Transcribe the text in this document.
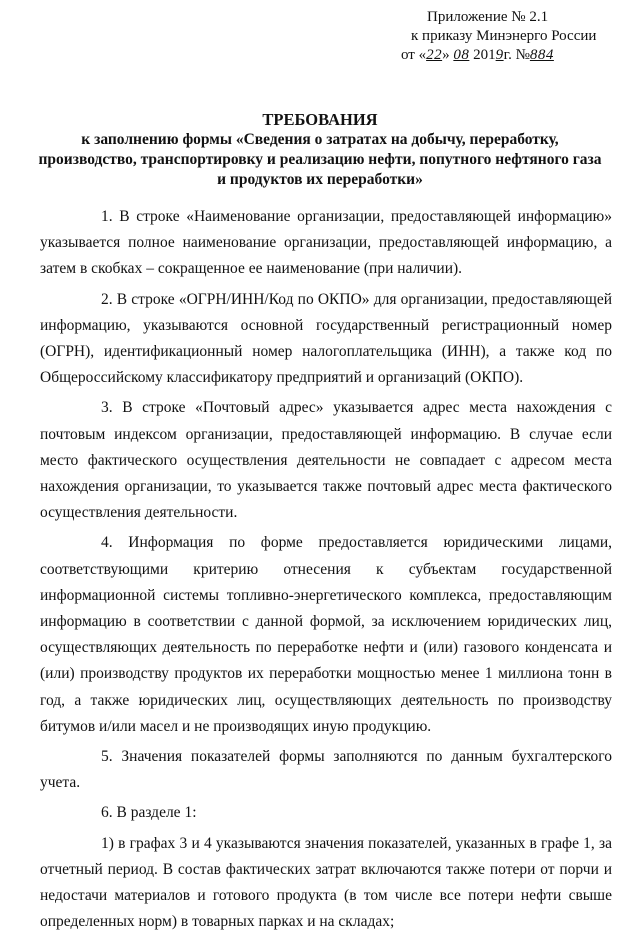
Приложение № 2.1
к приказу Минэнерго России
от «22» 08 2019г. №884
ТРЕБОВАНИЯ
к заполнению формы «Сведения о затратах на добычу, переработку,
производство, транспортировку и реализацию нефти, попутного нефтяного газа
и продуктов их переработки»

1. В строке «Наименование организации, предоставляющей информацию» указывается полное наименование организации, предоставляющей информацию, а затем в скобках – сокращенное ее наименование (при наличии).

2. В строке «ОГРН/ИНН/Код по ОКПО» для организации, предоставляющей информацию, указываются основной государственный регистрационный номер (ОГРН), идентификационный номер налогоплательщика (ИНН), а также код по Общероссийскому классификатору предприятий и организаций (ОКПО).

3. В строке «Почтовый адрес» указывается адрес места нахождения с почтовым индексом организации, предоставляющей информацию. В случае если место фактического осуществления деятельности не совпадает с адресом места нахождения организации, то указывается также почтовый адрес места фактического осуществления деятельности.

4. Информация по форме предоставляется юридическими лицами, соответствующими критерию отнесения к субъектам государственной информационной системы топливно-энергетического комплекса, предоставляющим информацию в соответствии с данной формой, за исключением юридических лиц, осуществляющих деятельность по переработке нефти и (или) газового конденсата и (или) производству продуктов их переработки мощностью менее 1 миллиона тонн в год, а также юридических лиц, осуществляющих деятельность по производству битумов и/или масел и не производящих иную продукцию.

5. Значения показателей формы заполняются по данным бухгалтерского учета.

6. В разделе 1:

1) в графах 3 и 4 указываются значения показателей, указанных в графе 1, за отчетный период. В состав фактических затрат включаются также потери от порчи и недостачи материалов и готового продукта (в том числе все потери нефти свыше определенных норм) в товарных парках и на складах;
